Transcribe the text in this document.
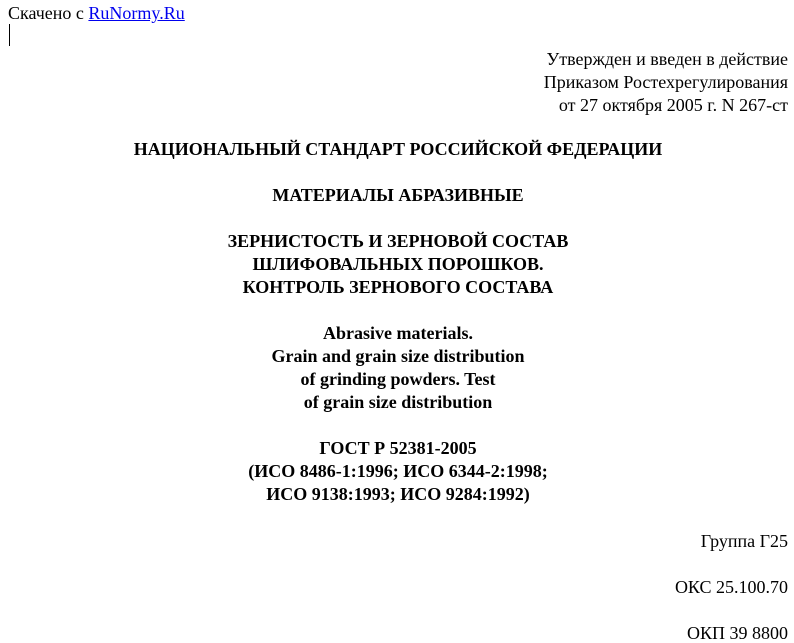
Скачено с RuNormy.Ru
Утвержден и введен в действие
Приказом Ростехрегулирования
от 27 октября 2005 г. N 267-ст
НАЦИОНАЛЬНЫЙ СТАНДАРТ РОССИЙСКОЙ ФЕДЕРАЦИИ
МАТЕРИАЛЫ АБРАЗИВНЫЕ
ЗЕРНИСТОСТЬ И ЗЕРНОВОЙ СОСТАВ
ШЛИФОВАЛЬНЫХ ПОРОШКОВ.
КОНТРОЛЬ ЗЕРНОВОГО СОСТАВА
Abrasive materials.
Grain and grain size distribution
of grinding powders. Test
of grain size distribution
ГОСТ Р 52381-2005
(ИСО 8486-1:1996; ИСО 6344-2:1998;
ИСО 9138:1993; ИСО 9284:1992)
Группа Г25
ОКС 25.100.70
ОКП 39 8800
